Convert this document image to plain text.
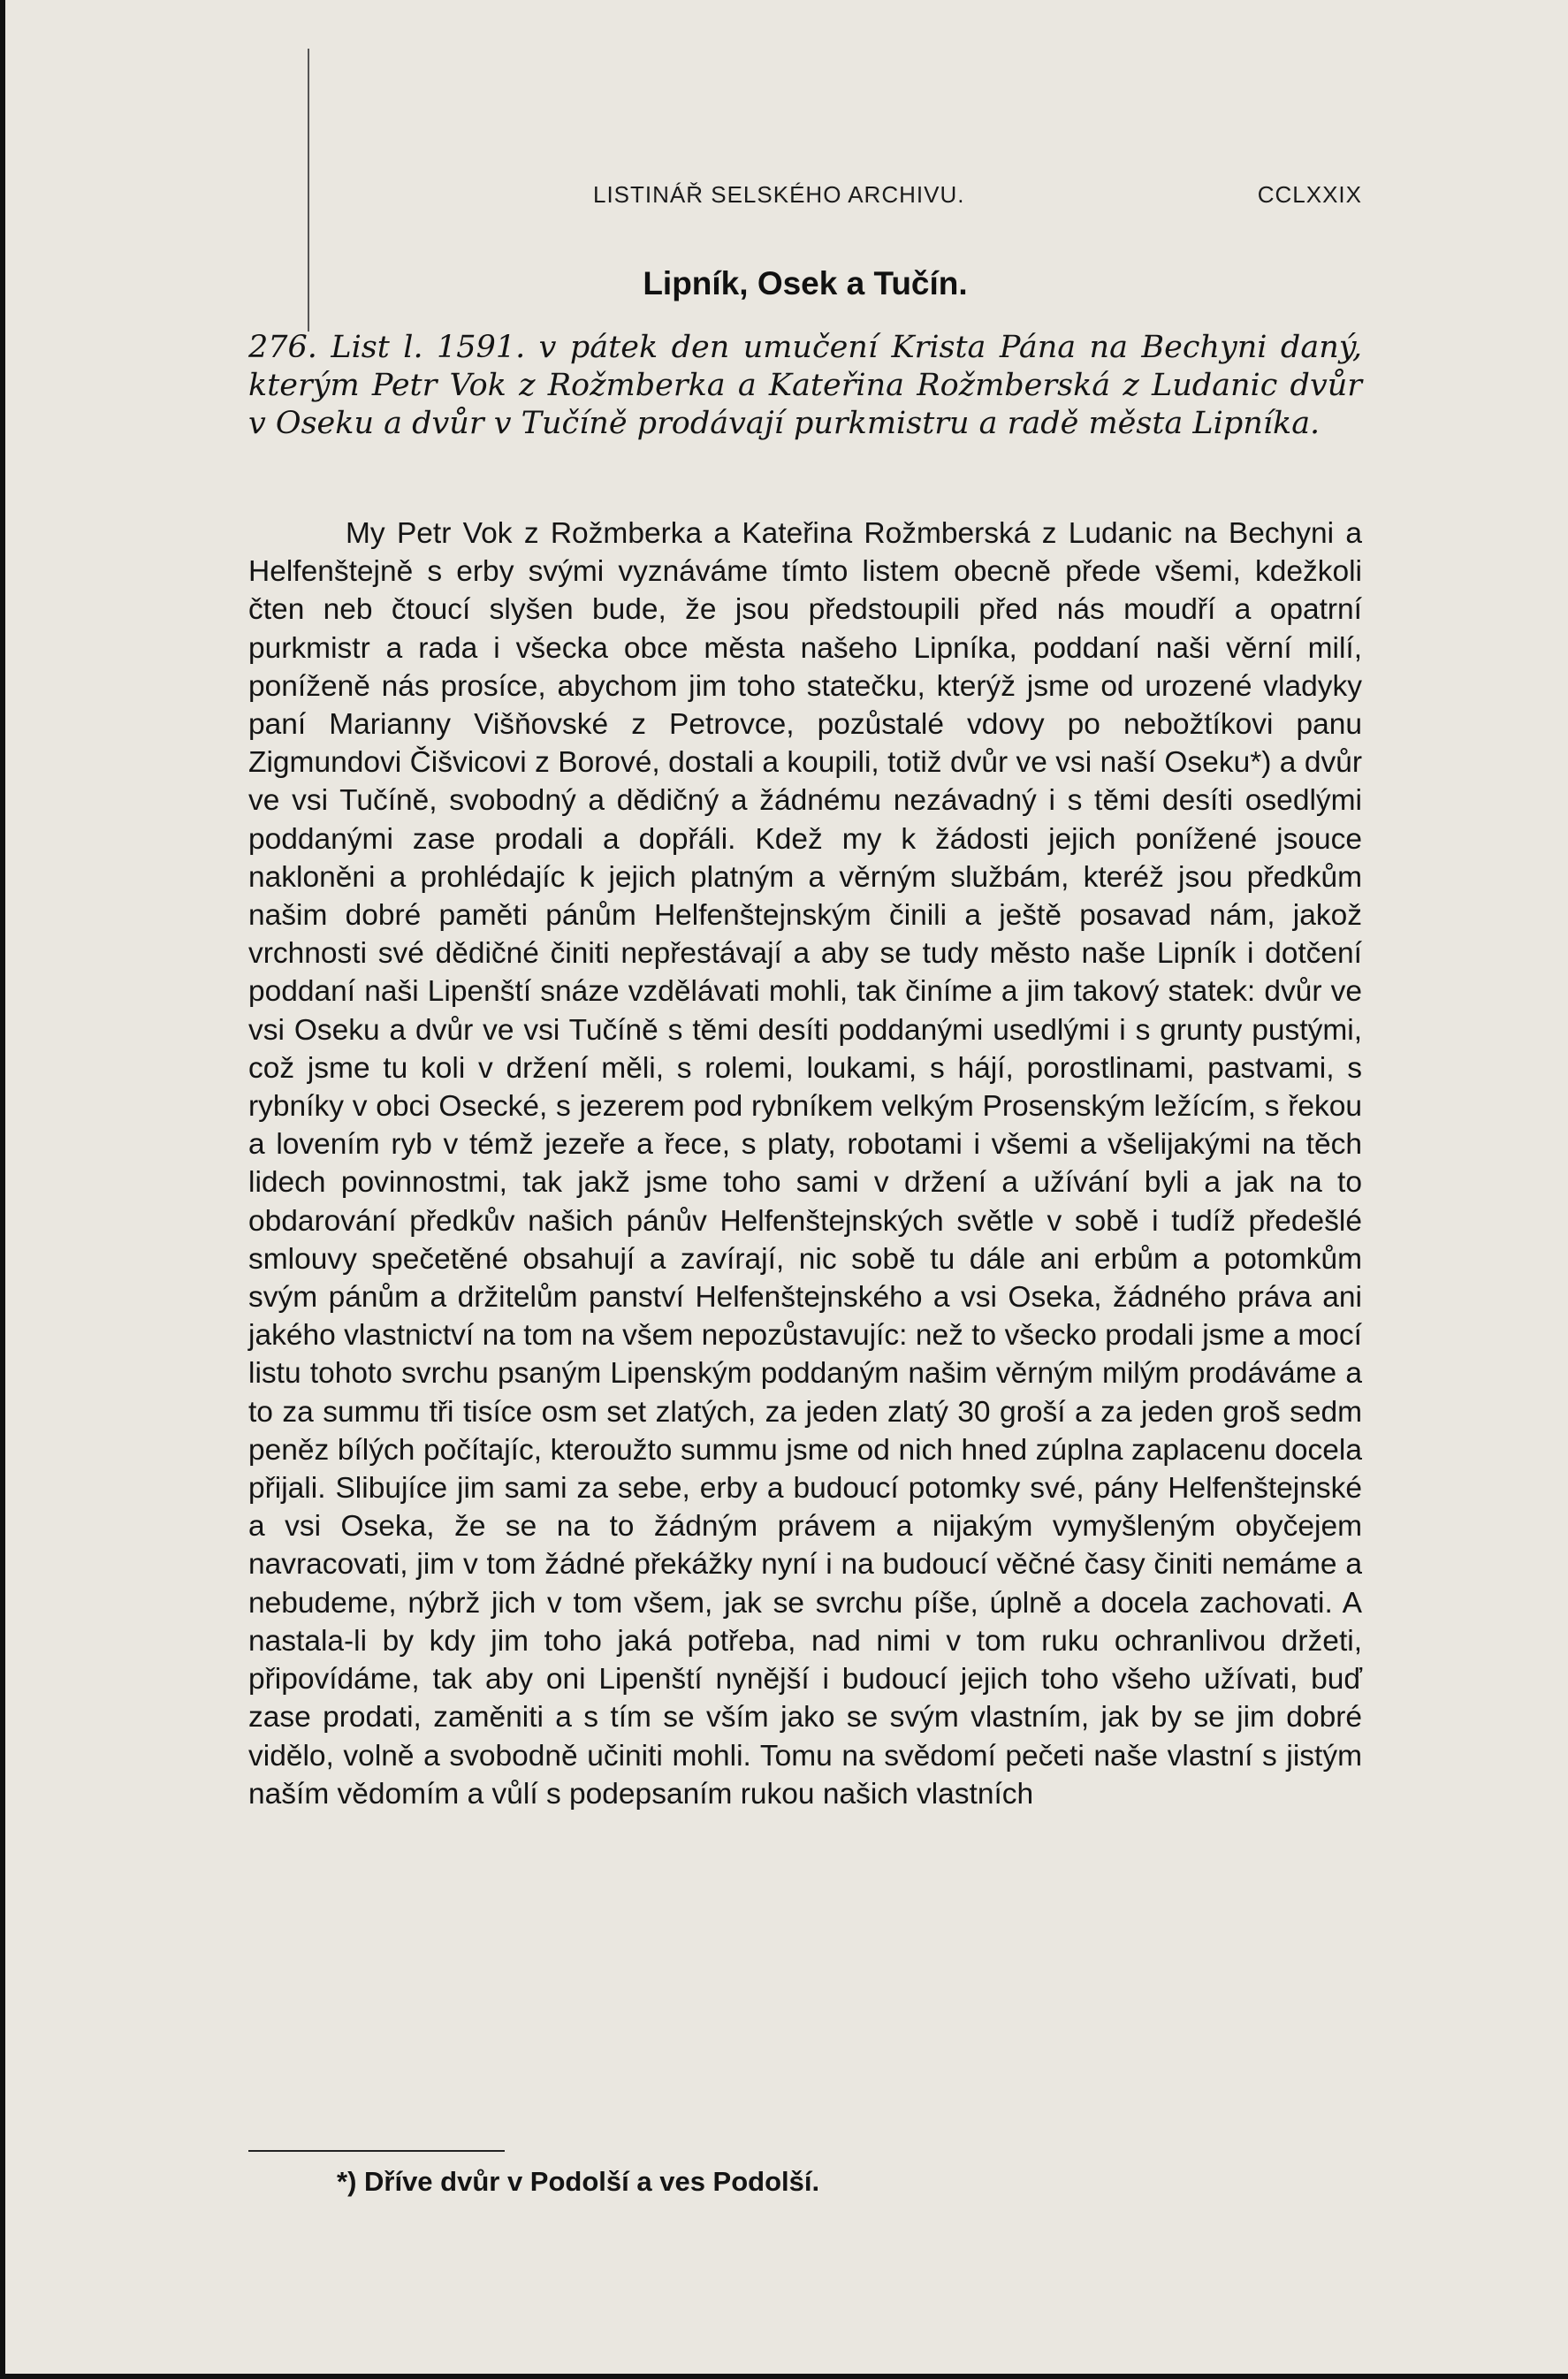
LISTINÁŘ SELSKÉHO ARCHIVU.	CCLXXIX
Lipník, Osek a Tučín.

276. List l. 1591. v pátek den umučení Krista Pána na Bechyni daný, kterým Petr Vok z Rožmberka a Kateřina Rožmberská z Ludanic dvůr v Oseku a dvůr v Tučíně prodávají purkmistru a radě města Lipníka.

My Petr Vok z Rožmberka a Kateřina Rožmberská z Ludanic na Bechyni a Helfenštejně s erby svými vyznáváme tímto listem obecně přede všemi, kdežkoli čten neb čtoucí slyšen bude, že jsou předstoupili před nás moudří a opatrní purkmistr a rada i všecka obce města našeho Lipníka, poddaní naši věrní milí, poníženě nás prosíce, abychom jim toho statečku, kterýž jsme od urozené vladyky paní Marianny Višňovské z Petrovce, pozůstalé vdovy po nebožtíkovi panu Zigmundovi Čišvicovi z Borové, dostali a koupili, totiž dvůr ve vsi naší Oseku*) a dvůr ve vsi Tučíně, svobodný a dědičný a žádnému nezávadný i s těmi desíti osedlými poddanými zase prodali a dopřáli. Kdež my k žádosti jejich ponížené jsouce nakloněni a prohlédajíc k jejich platným a věrným službám, kteréž jsou předkům našim dobré paměti pánům Helfenštejnským činili a ještě posavad nám, jakož vrchnosti své dědičné činiti nepřestávají a aby se tudy město naše Lipník i dotčení poddaní naši Lipenští snáze vzdělávati mohli, tak činíme a jim takový statek: dvůr ve vsi Oseku a dvůr ve vsi Tučíně s těmi desíti poddanými usedlými i s grunty pustými, což jsme tu koli v držení měli, s rolemi, loukami, s hájí, porostlinami, pastvami, s rybníky v obci Osecké, s jezerem pod rybníkem velkým Prosenským ležícím, s řekou a lovením ryb v témž jezeře a řece, s platy, robotami i všemi a všelijakými na těch lidech povinnostmi, tak jakž jsme toho sami v držení a užívání byli a jak na to obdarování předkův našich pánův Helfenštejnských světle v sobě i tudíž předešlé smlouvy spečetěné obsahují a zavírají, nic sobě tu dále ani erbům a potomkům svým pánům a držitelům panství Helfenštejnského a vsi Oseka, žádného práva ani jakého vlastnictví na tom na všem nepozůstavujíc: než to všecko prodali jsme a mocí listu tohoto svrchu psaným Lipenským poddaným našim věrným milým prodáváme a to za summu tři tisíce osm set zlatých, za jeden zlatý 30 groší a za jeden groš sedm peněz bílých počítajíc, kteroužto summu jsme od nich hned zúplna zaplacenu docela přijali. Slibujíce jim sami za sebe, erby a budoucí potomky své, pány Helfenštejnské a vsi Oseka, že se na to žádným právem a nijakým vymyšleným obyčejem navracovati, jim v tom žádné překážky nyní i na budoucí věčné časy činiti nemáme a nebudeme, nýbrž jich v tom všem, jak se svrchu píše, úplně a docela zachovati. A nastala-li by kdy jim toho jaká potřeba, nad nimi v tom ruku ochranlivou držeti, připovídáme, tak aby oni Lipenští nynější i budoucí jejich toho všeho užívati, buď zase prodati, zaměniti a s tím se vším jako se svým vlastním, jak by se jim dobré vidělo, volně a svobodně učiniti mohli. Tomu na svědomí pečeti naše vlastní s jistým naším vědomím a vůlí s podepsaním rukou našich vlastních

*) Dříve dvůr v Podolší a ves Podolší.
